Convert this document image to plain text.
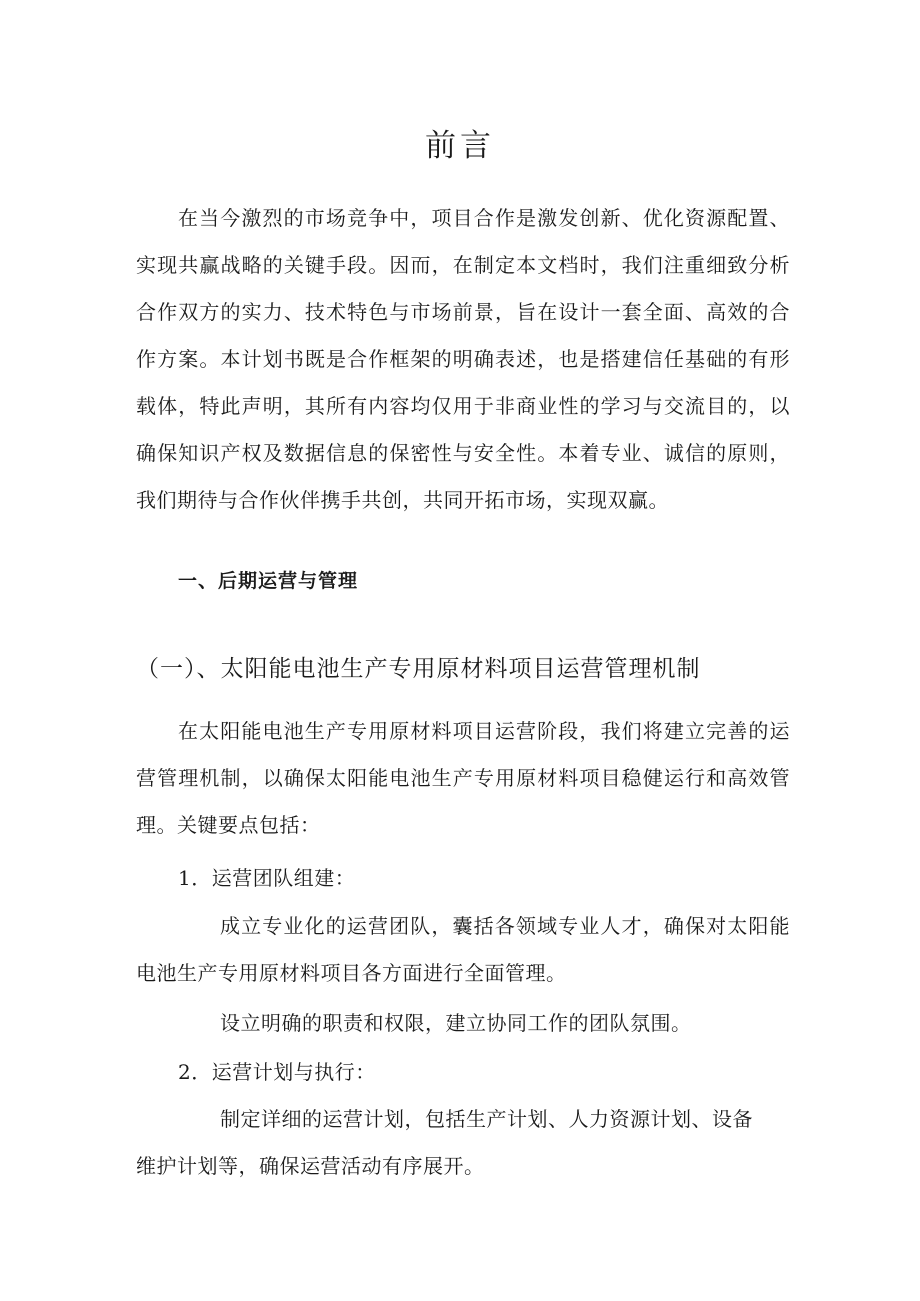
前言

在当今激烈的市场竞争中，项目合作是激发创新、优化资源配置、实现共赢战略的关键手段。因而，在制定本文档时，我们注重细致分析合作双方的实力、技术特色与市场前景，旨在设计一套全面、高效的合作方案。本计划书既是合作框架的明确表述，也是搭建信任基础的有形载体，特此声明，其所有内容均仅用于非商业性的学习与交流目的，以确保知识产权及数据信息的保密性与安全性。本着专业、诚信的原则，我们期待与合作伙伴携手共创，共同开拓市场，实现双赢。

一、后期运营与管理
（一）、太阳能电池生产专用原材料项目运营管理机制

在太阳能电池生产专用原材料项目运营阶段，我们将建立完善的运营管理机制，以确保太阳能电池生产专用原材料项目稳健运行和高效管理。关键要点包括：

1．运营团队组建：

成立专业化的运营团队，囊括各领域专业人才，确保对太阳能电池生产专用原材料项目各方面进行全面管理。

设立明确的职责和权限，建立协同工作的团队氛围。

2．运营计划与执行：

制定详细的运营计划，包括生产计划、人力资源计划、设备

维护计划等，确保运营活动有序展开。
